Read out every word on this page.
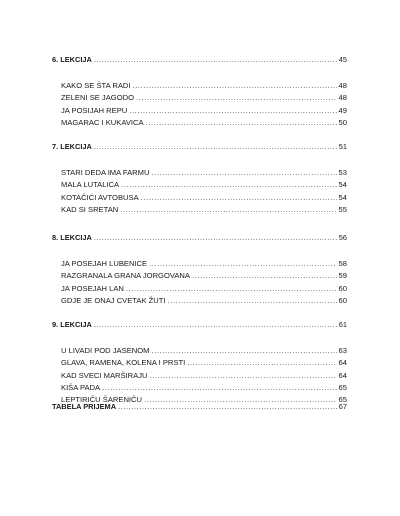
6. LEKCIJA .....	45
KAKO SE ŠTA RADI .....	48
ZELENI SE JAGODO .....	48
JA POSIJAH REPU .....	49
MAGARAC I KUKAVICA .....	50
7. LEKCIJA .....	51
STARI DEDA IMA FARMU .....	53
MALA LUTALICA .....	54
KOTAČIĆI AVTOBUSA .....	54
KAD SI SRETAN .....	55
8. LEKCIJA .....	56
JA POSEJAH LUBENICE .....	58
RAZGRANALA GRANA JORGOVANA .....	59
JA POSEJAH LAN .....	60
GDJE JE ONAJ CVETAK ŽUTI .....	60
9. LEKCIJA .....	61
U LIVADI POD JASENOM .....	63
GLAVA, RAMENA, KOLENA I PRSTI .....	64
KAD SVECI MARŠIRAJU .....	64
KIŠA PADA .....	65
LEPTIRIČU ŠARENIČU .....	65
TABELA PRIJEMA .....	67
